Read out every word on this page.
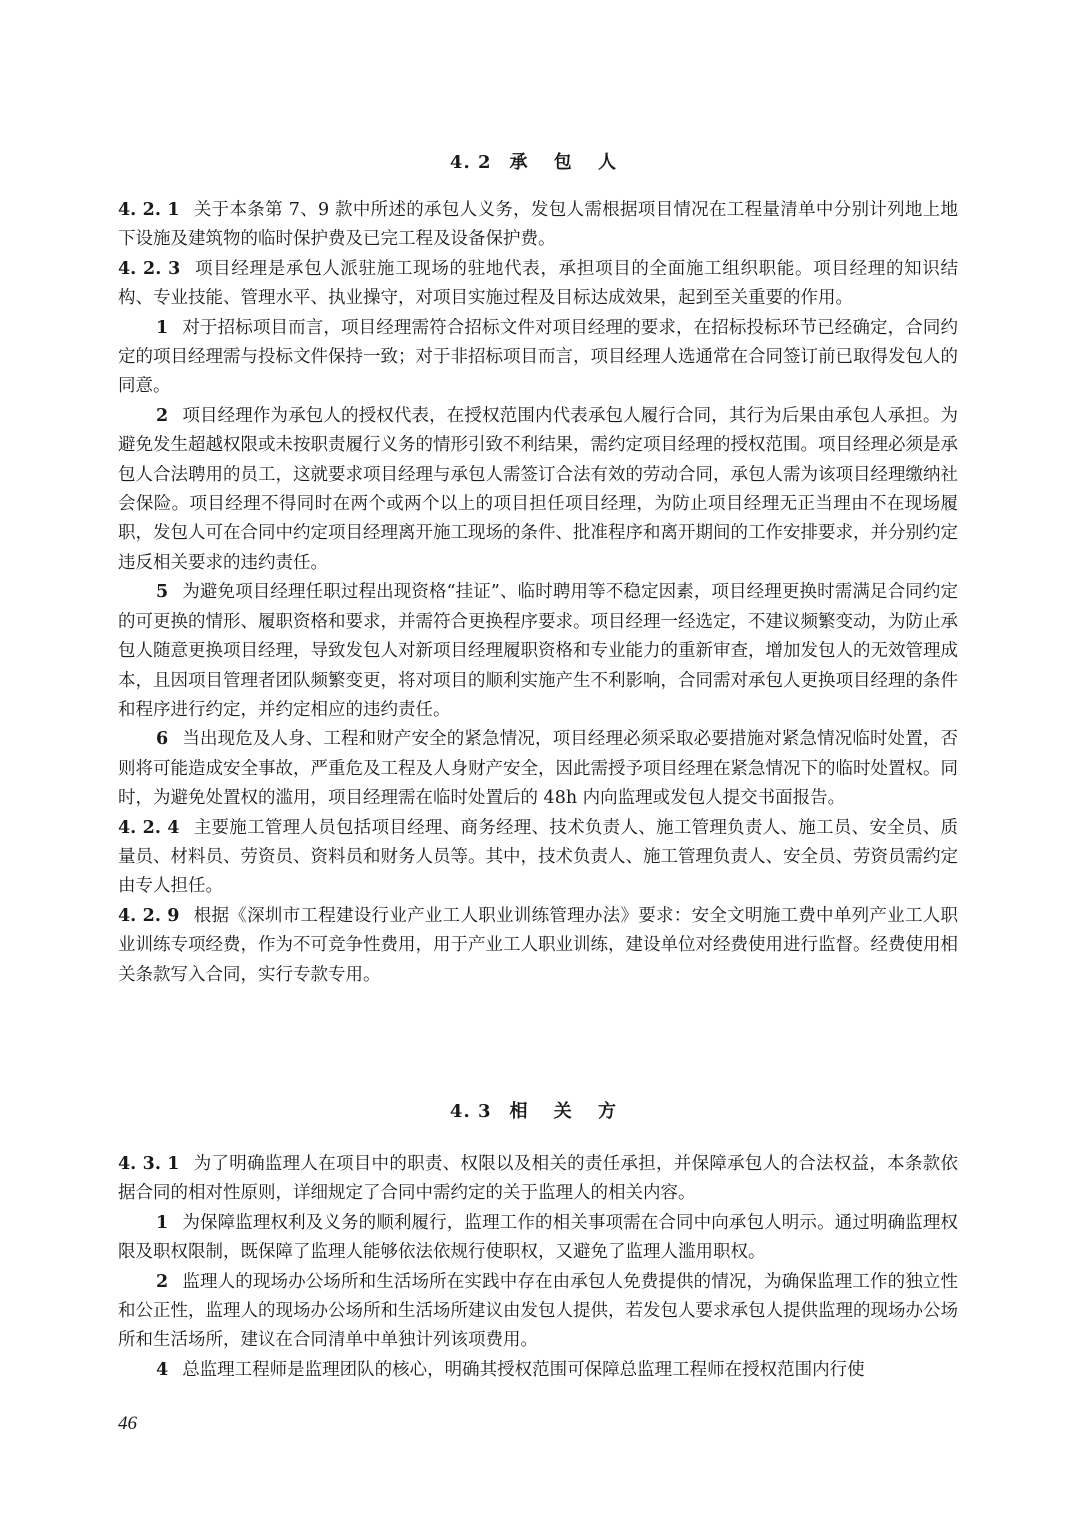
4. 2 承 包 人

4. 2. 1 关于本条第 7、9 款中所述的承包人义务，发包人需根据项目情况在工程量清单中分别计列地上地下设施及建筑物的临时保护费及已完工程及设备保护费。

4. 2. 3 项目经理是承包人派驻施工现场的驻地代表，承担项目的全面施工组织职能。项目经理的知识结构、专业技能、管理水平、执业操守，对项目实施过程及目标达成效果，起到至关重要的作用。

1 对于招标项目而言，项目经理需符合招标文件对项目经理的要求，在招标投标环节已经确定，合同约定的项目经理需与投标文件保持一致；对于非招标项目而言，项目经理人选通常在合同签订前已取得发包人的同意。

2 项目经理作为承包人的授权代表，在授权范围内代表承包人履行合同，其行为后果由承包人承担。为避免发生超越权限或未按职责履行义务的情形引致不利结果，需约定项目经理的授权范围。项目经理必须是承包人合法聘用的员工，这就要求项目经理与承包人需签订合法有效的劳动合同，承包人需为该项目经理缴纳社会保险。项目经理不得同时在两个或两个以上的项目担任项目经理，为防止项目经理无正当理由不在现场履职，发包人可在合同中约定项目经理离开施工现场的条件、批准程序和离开期间的工作安排要求，并分别约定违反相关要求的违约责任。

5 为避免项目经理任职过程出现资格“挂证”、临时聘用等不稳定因素，项目经理更换时需满足合同约定的可更换的情形、履职资格和要求，并需符合更换程序要求。项目经理一经选定，不建议频繁变动，为防止承包人随意更换项目经理，导致发包人对新项目经理履职资格和专业能力的重新审查，增加发包人的无效管理成本，且因项目管理者团队频繁变更，将对项目的顺利实施产生不利影响，合同需对承包人更换项目经理的条件和程序进行约定，并约定相应的违约责任。

6 当出现危及人身、工程和财产安全的紧急情况，项目经理必须采取必要措施对紧急情况临时处置，否则将可能造成安全事故，严重危及工程及人身财产安全，因此需授予项目经理在紧急情况下的临时处置权。同时，为避免处置权的滥用，项目经理需在临时处置后的 48h 内向监理或发包人提交书面报告。

4. 2. 4 主要施工管理人员包括项目经理、商务经理、技术负责人、施工管理负责人、施工员、安全员、质量员、材料员、劳资员、资料员和财务人员等。其中，技术负责人、施工管理负责人、安全员、劳资员需约定由专人担任。

4. 2. 9 根据《深圳市工程建设行业产业工人职业训练管理办法》要求：安全文明施工费中单列产业工人职业训练专项经费，作为不可竞争性费用，用于产业工人职业训练，建设单位对经费使用进行监督。经费使用相关条款写入合同，实行专款专用。

4. 3 相 关 方

4. 3. 1 为了明确监理人在项目中的职责、权限以及相关的责任承担，并保障承包人的合法权益，本条款依据合同的相对性原则，详细规定了合同中需约定的关于监理人的相关内容。

1 为保障监理权利及义务的顺利履行，监理工作的相关事项需在合同中向承包人明示。通过明确监理权限及职权限制，既保障了监理人能够依法依规行使职权，又避免了监理人滥用职权。

2 监理人的现场办公场所和生活场所在实践中存在由承包人免费提供的情况，为确保监理工作的独立性和公正性，监理人的现场办公场所和生活场所建议由发包人提供，若发包人要求承包人提供监理的现场办公场所和生活场所，建议在合同清单中单独计列该项费用。

4 总监理工程师是监理团队的核心，明确其授权范围可保障总监理工程师在授权范围内行使

46
